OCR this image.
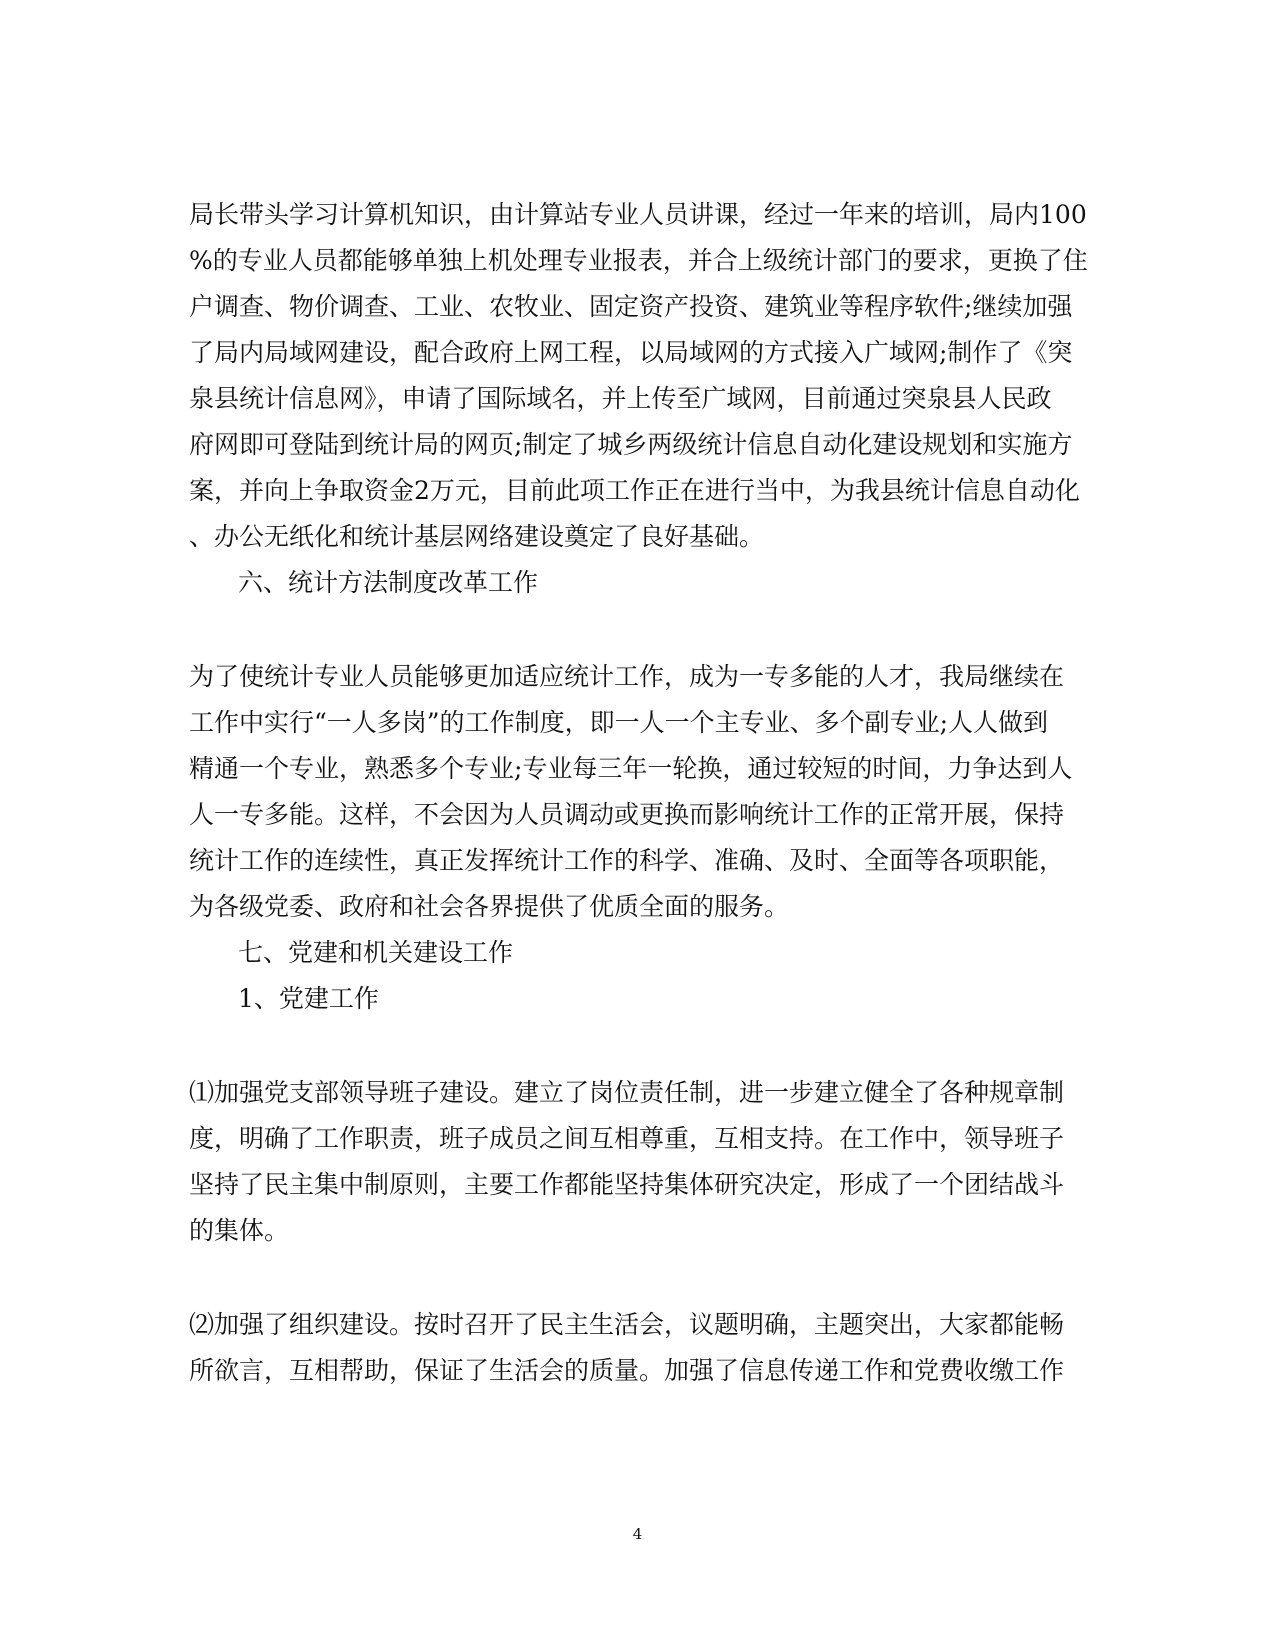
局长带头学习计算机知识，由计算站专业人员讲课，经过一年来的培训，局内100
%的专业人员都能够单独上机处理专业报表，并合上级统计部门的要求，更换了住
户调查、物价调查、工业、农牧业、固定资产投资、建筑业等程序软件;继续加强
了局内局域网建设，配合政府上网工程，以局域网的方式接入广域网;制作了《突
泉县统计信息网》，申请了国际域名，并上传至广域网，目前通过突泉县人民政
府网即可登陆到统计局的网页;制定了城乡两级统计信息自动化建设规划和实施方
案，并向上争取资金2万元，目前此项工作正在进行当中，为我县统计信息自动化
、办公无纸化和统计基层网络建设奠定了良好基础。
六、统计方法制度改革工作
为了使统计专业人员能够更加适应统计工作，成为一专多能的人才，我局继续在
工作中实行“一人多岗”的工作制度，即一人一个主专业、多个副专业;人人做到
精通一个专业，熟悉多个专业;专业每三年一轮换，通过较短的时间，力争达到人
人一专多能。这样，不会因为人员调动或更换而影响统计工作的正常开展，保持
统计工作的连续性，真正发挥统计工作的科学、准确、及时、全面等各项职能，
为各级党委、政府和社会各界提供了优质全面的服务。
七、党建和机关建设工作
1、党建工作
⑴加强党支部领导班子建设。建立了岗位责任制，进一步建立健全了各种规章制
度，明确了工作职责，班子成员之间互相尊重，互相支持。在工作中，领导班子
坚持了民主集中制原则，主要工作都能坚持集体研究决定，形成了一个团结战斗
的集体。
⑵加强了组织建设。按时召开了民主生活会，议题明确，主题突出，大家都能畅
所欲言，互相帮助，保证了生活会的质量。加强了信息传递工作和党费收缴工作
4
